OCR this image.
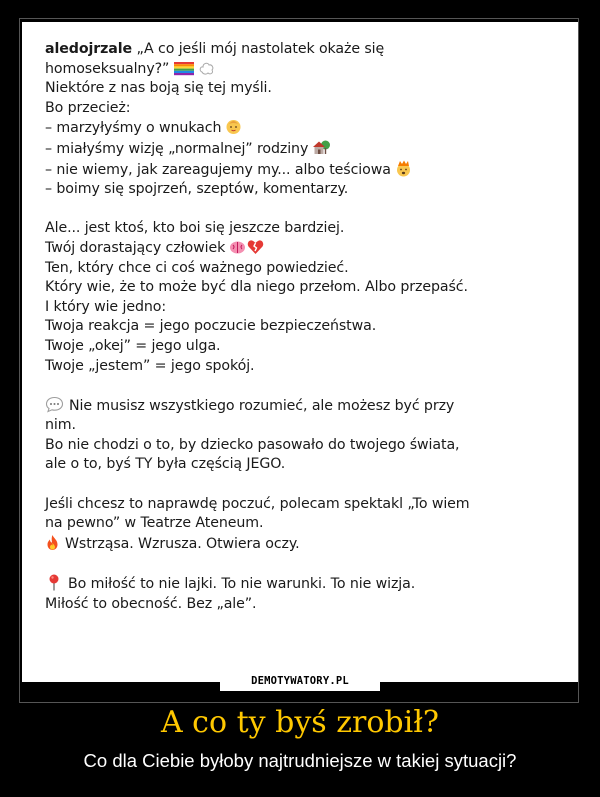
aledojrzale „A co jeśli mój nastolatek okaże się
homoseksualny?”
Niektóre z nas boją się tej myśli.
Bo przecież:
– marzyłyśmy o wnukach
– miałyśmy wizję „normalnej” rodziny
– nie wiemy, jak zareagujemy my... albo teściowa
– boimy się spojrzeń, szeptów, komentarzy.
Ale... jest ktoś, kto boi się jeszcze bardziej.
Twój dorastający człowiek
Ten, który chce ci coś ważnego powiedzieć.
Który wie, że to może być dla niego przełom. Albo przepaść.
I który wie jedno:
Twoja reakcja = jego poczucie bezpieczeństwa.
Twoje „okej” = jego ulga.
Twoje „jestem” = jego spokój.
Nie musisz wszystkiego rozumieć, ale możesz być przy
nim.
Bo nie chodzi o to, by dziecko pasowało do twojego świata,
ale o to, byś TY była częścią JEGO.
Jeśli chcesz to naprawdę poczuć, polecam spektakl „To wiem
na pewno” w Teatrze Ateneum.
Wstrząsa. Wzrusza. Otwiera oczy.
Bo miłość to nie lajki. To nie warunki. To nie wizja.
Miłość to obecność. Bez „ale”.
DEMOTYWATORY.PL
A co ty byś zrobił?
Co dla Ciebie byłoby najtrudniejsze w takiej sytuacji?
